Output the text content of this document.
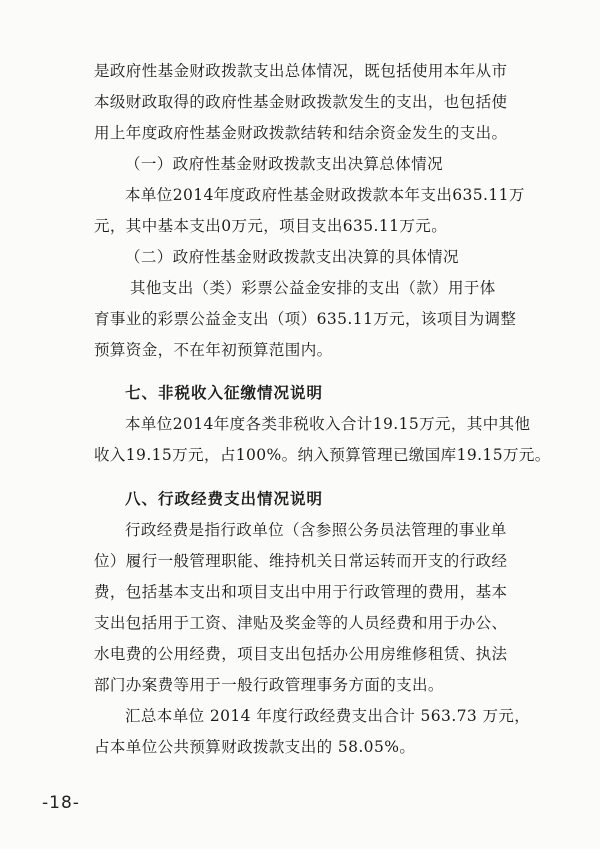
是政府性基金财政拨款支出总体情况，既包括使用本年从市
本级财政取得的政府性基金财政拨款发生的支出，也包括使
用上年度政府性基金财政拨款结转和结余资金发生的支出。
（一）政府性基金财政拨款支出决算总体情况
本单位2014年度政府性基金财政拨款本年支出635.11万
元，其中基本支出0万元，项目支出635.11万元。
（二）政府性基金财政拨款支出决算的具体情况
其他支出（类）彩票公益金安排的支出（款）用于体
育事业的彩票公益金支出（项）635.11万元，该项目为调整
预算资金，不在年初预算范围内。
七、非税收入征缴情况说明
本单位2014年度各类非税收入合计19.15万元，其中其他
收入19.15万元，占100%。纳入预算管理已缴国库19.15万元。
八、行政经费支出情况说明
行政经费是指行政单位（含参照公务员法管理的事业单
位）履行一般管理职能、维持机关日常运转而开支的行政经
费，包括基本支出和项目支出中用于行政管理的费用，基本
支出包括用于工资、津贴及奖金等的人员经费和用于办公、
水电费的公用经费，项目支出包括办公用房维修租赁、执法
部门办案费等用于一般行政管理事务方面的支出。
汇总本单位 2014 年度行政经费支出合计 563.73 万元，
占本单位公共预算财政拨款支出的 58.05%。
-18-
